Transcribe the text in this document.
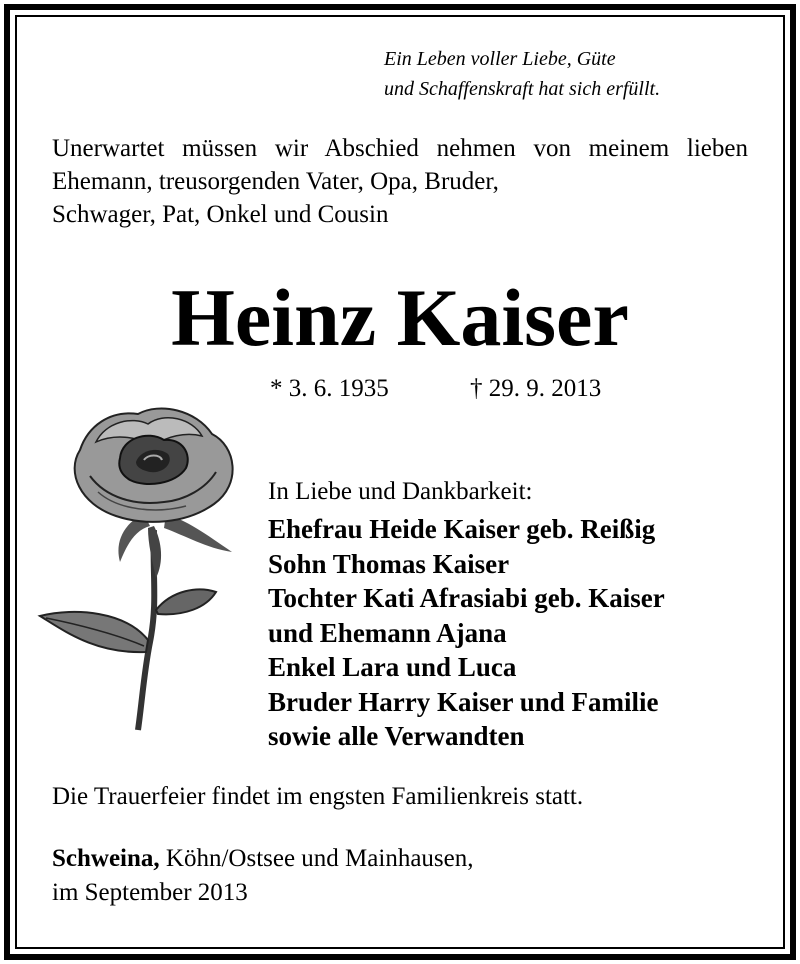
Ein Leben voller Liebe, Güte
und Schaffenskraft hat sich erfüllt.
Unerwartet müssen wir Abschied nehmen von meinem lieben Ehemann, treusorgenden Vater, Opa, Bruder,
Schwager, Pat, Onkel und Cousin
Heinz Kaiser
* 3. 6. 1935	† 29. 9. 2013
In Liebe und Dankbarkeit:
Ehefrau Heide Kaiser geb. Reißig
Sohn Thomas Kaiser
Tochter Kati Afrasiabi geb. Kaiser
und Ehemann Ajana
Enkel Lara und Luca
Bruder Harry Kaiser und Familie
sowie alle Verwandten
Die Trauerfeier findet im engsten Familienkreis statt.
Schweina, Köhn/Ostsee und Mainhausen,
im September 2013
